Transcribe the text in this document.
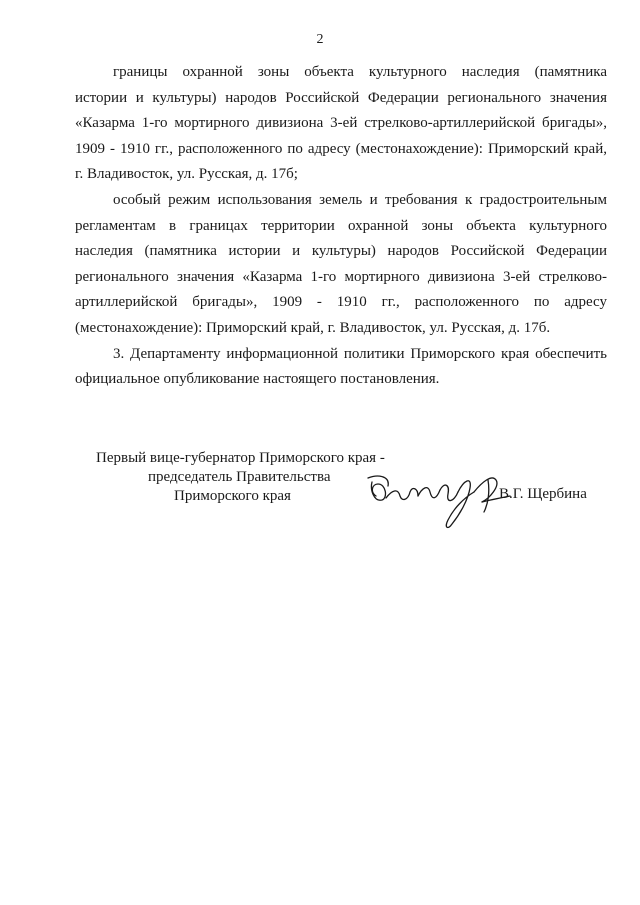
2
границы охранной зоны объекта культурного наследия (памятника
истории и культуры) народов Российской Федерации регионального значения
«Казарма 1-го мортирного дивизиона 3-ей стрелково-артиллерийской бригады»,
1909 - 1910 гг., расположенного по адресу (местонахождение): Приморский край,
г. Владивосток, ул. Русская, д. 17б;
особый режим использования земель и требования к градостроительным
регламентам в границах территории охранной зоны объекта культурного
наследия (памятника истории и культуры) народов Российской Федерации
регионального значения «Казарма 1-го мортирного дивизиона 3-ей стрелково-
артиллерийской бригады», 1909 - 1910 гг., расположенного по адресу
(местонахождение): Приморский край, г. Владивосток, ул. Русская, д. 17б.
3. Департаменту информационной политики Приморского края обеспечить
официальное опубликование настоящего постановления.
Первый вице-губернатор Приморского края -
председатель Правительства
Приморского края	В.Г. Щербина
